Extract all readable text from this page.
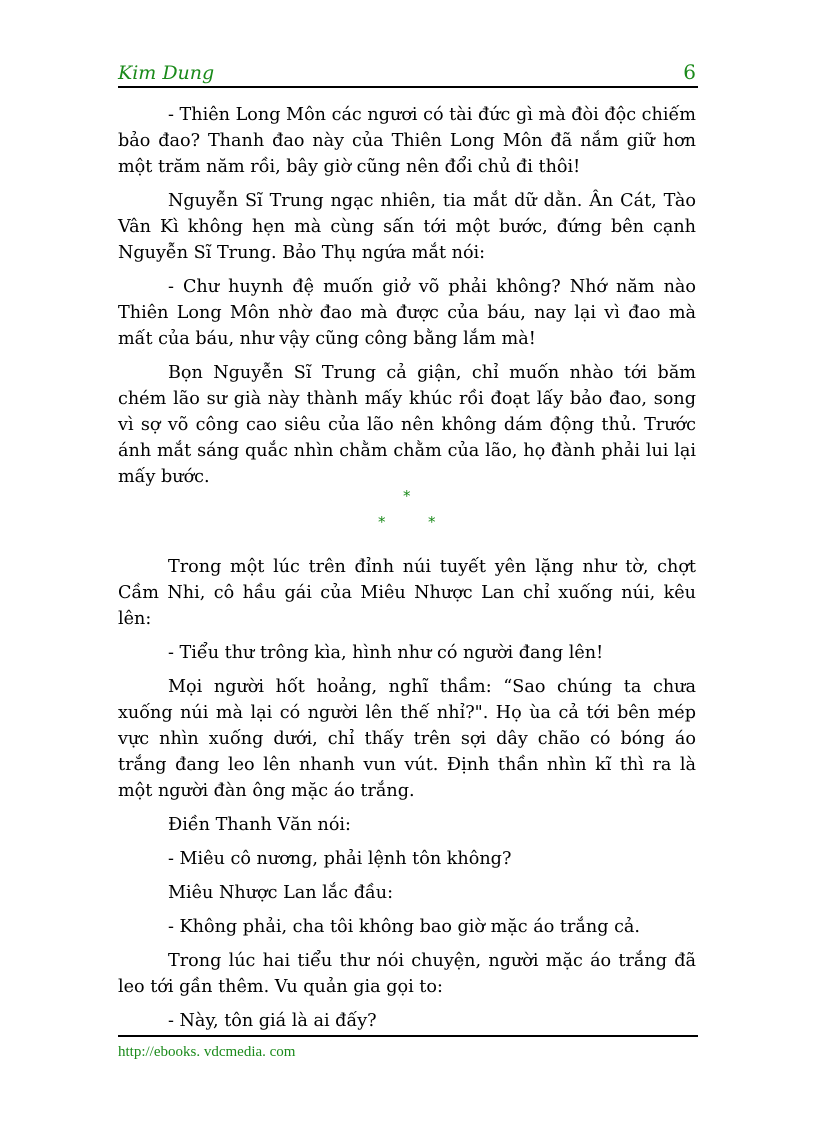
Kim Dung	6

- Thiên Long Môn các ngươi có tài đức gì mà đòi độc chiếm bảo đao? Thanh đao này của Thiên Long Môn đã nắm giữ hơn một trăm năm rồi, bây giờ cũng nên đổi chủ đi thôi!

Nguyễn Sĩ Trung ngạc nhiên, tia mắt dữ dằn. Ân Cát, Tào Vân Kì không hẹn mà cùng sấn tới một bước, đứng bên cạnh Nguyễn Sĩ Trung. Bảo Thụ ngứa mắt nói:

- Chư huynh đệ muốn giở võ phải không? Nhớ năm nào Thiên Long Môn nhờ đao mà được của báu, nay lại vì đao mà mất của báu, như vậy cũng công bằng lắm mà!

Bọn Nguyễn Sĩ Trung cả giận, chỉ muốn nhào tới băm chém lão sư già này thành mấy khúc rồi đoạt lấy bảo đao, song vì sợ võ công cao siêu của lão nên không dám động thủ. Trước ánh mắt sáng quắc nhìn chằm chằm của lão, họ đành phải lui lại mấy bước.

*
*	*

Trong một lúc trên đỉnh núi tuyết yên lặng như tờ, chợt Cầm Nhi, cô hầu gái của Miêu Nhược Lan chỉ xuống núi, kêu lên:

- Tiểu thư trông kìa, hình như có người đang lên!

Mọi người hốt hoảng, nghĩ thầm: “Sao chúng ta chưa xuống núi mà lại có người lên thế nhỉ?". Họ ùa cả tới bên mép vực nhìn xuống dưới, chỉ thấy trên sợi dây chão có bóng áo trắng đang leo lên nhanh vun vút. Định thần nhìn kĩ thì ra là một người đàn ông mặc áo trắng.

Điền Thanh Văn nói:

- Miêu cô nương, phải lệnh tôn không?

Miêu Nhược Lan lắc đầu:

- Không phải, cha tôi không bao giờ mặc áo trắng cả.

Trong lúc hai tiểu thư nói chuyện, người mặc áo trắng đã leo tới gần thêm. Vu quản gia gọi to:

- Này, tôn giá là ai đấy?

http://ebooks. vdcmedia. com
